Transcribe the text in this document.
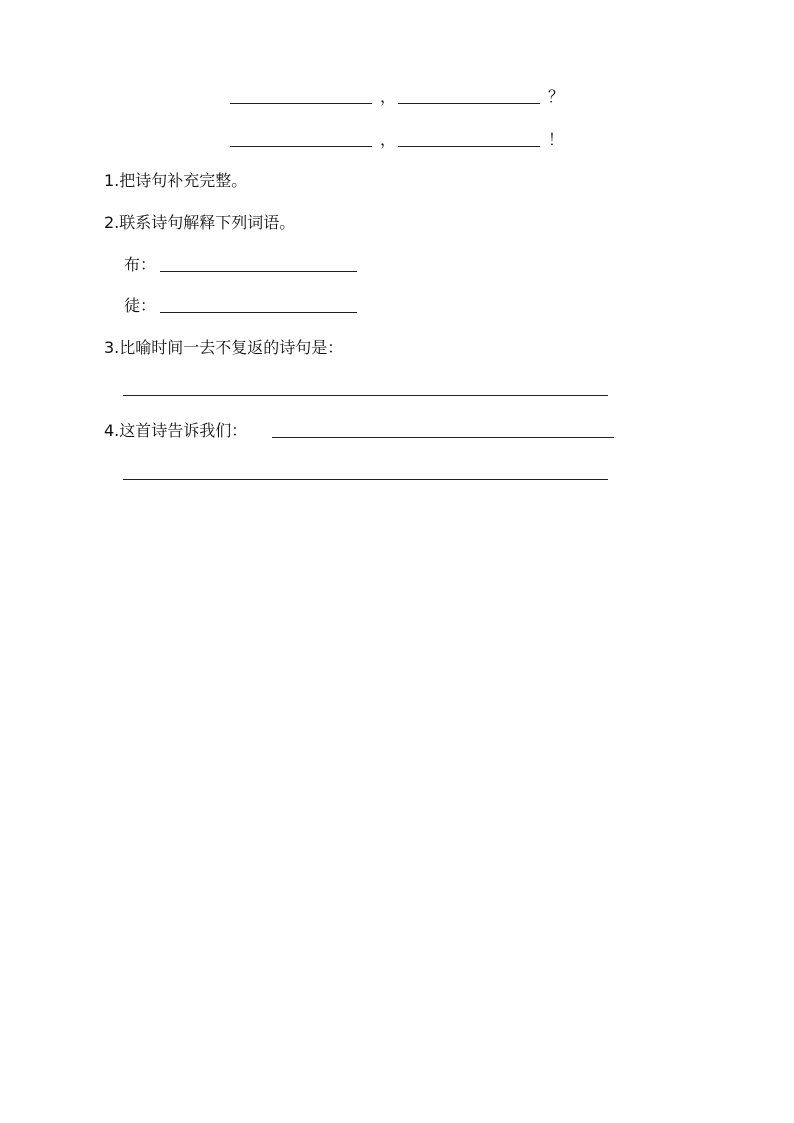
，	？
，	！
1.把诗句补充完整。
2.联系诗句解释下列词语。
布：
徒：
3.比喻时间一去不复返的诗句是：
4.这首诗告诉我们：
